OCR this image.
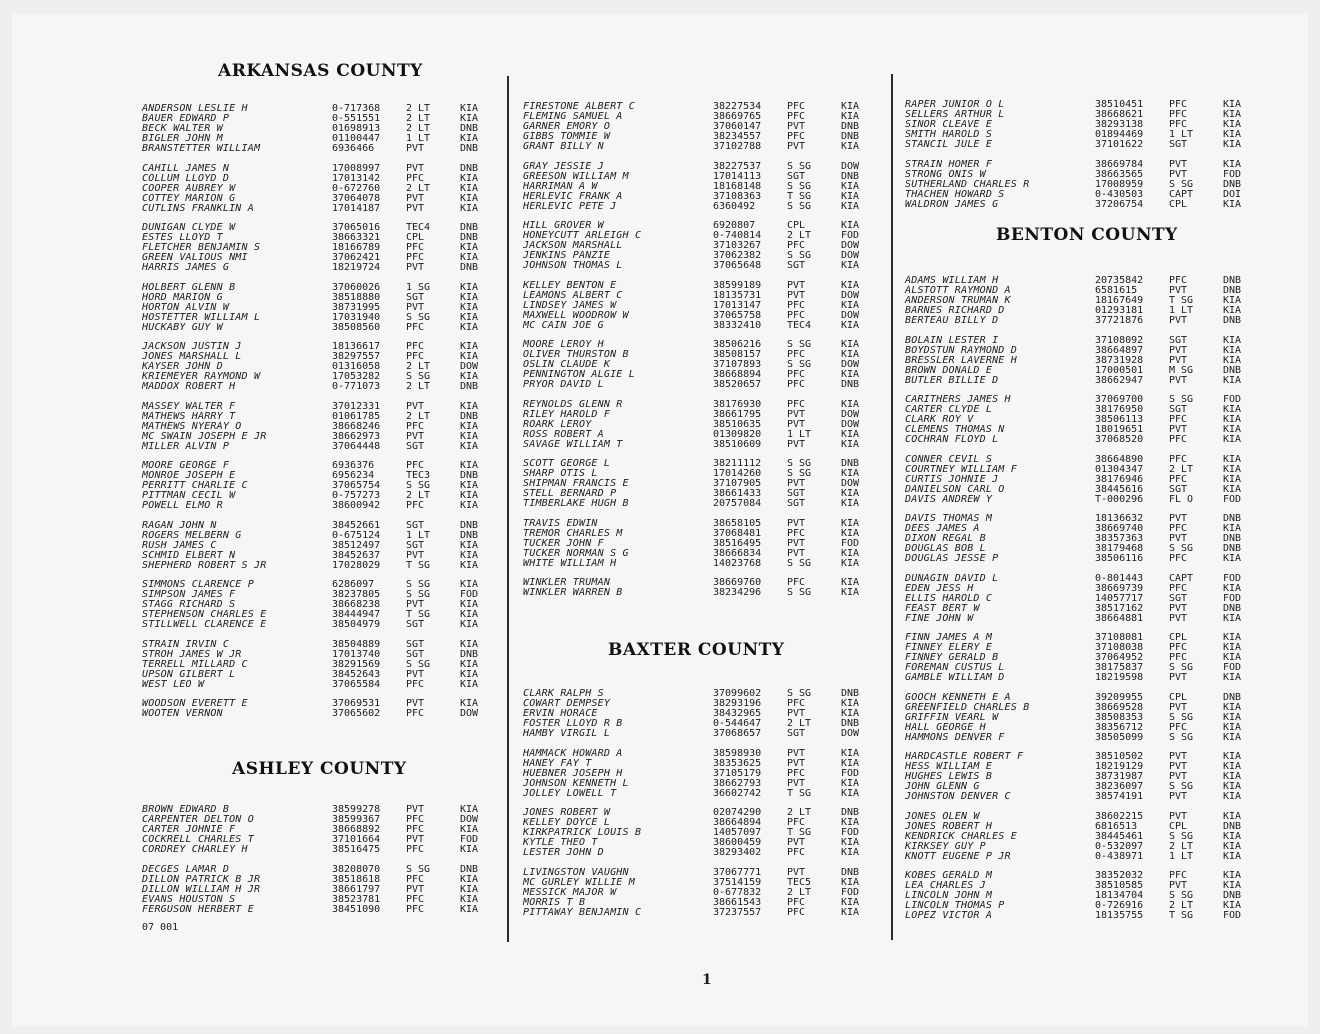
ARKANSAS COUNTY
ANDERSON LESLIE H	0-717368	2 LT	KIA
BAUER EDWARD P	0-551551	2 LT	KIA
BECK WALTER W	01698913	2 LT	DNB
BIGLER JOHN M	01100447	1 LT	KIA
BRANSTETTER WILLIAM	6936466	PVT	DNB
CAHILL JAMES N	17008997	PVT	DNB
COLLUM LLOYD D	17013142	PFC	KIA
COOPER AUBREY W	0-672760	2 LT	KIA
COTTEY MARION G	37064078	PVT	KIA
CUTLINS FRANKLIN A	17014187	PVT	KIA
DUNIGAN CLYDE W	37065016	TEC4	DNB
ESTES LLOYD T	38663321	CPL	DNB
FLETCHER BENJAMIN S	18166789	PFC	KIA
GREEN VALIOUS NMI	37062421	PFC	KIA
HARRIS JAMES G	18219724	PVT	DNB
HOLBERT GLENN B	37060026	1 SG	KIA
HORD MARION G	38518880	SGT	KIA
HORTON ALVIN W	38731995	PVT	KIA
HOSTETTER WILLIAM L	17031940	S SG	KIA
HUCKABY GUY W	38508560	PFC	KIA
JACKSON JUSTIN J	18136617	PFC	KIA
JONES MARSHALL L	38297557	PFC	KIA
KAYSER JOHN D	01316058	2 LT	DOW
KRIEMEYER RAYMOND W	17053282	S SG	KIA
MADDOX ROBERT H	0-771073	2 LT	DNB
MASSEY WALTER F	37012331	PVT	KIA
MATHEWS HARRY T	01061785	2 LT	DNB
MATHEWS NYERAY O	38668246	PFC	KIA
MC SWAIN JOSEPH E JR	38662973	PVT	KIA
MILLER ALVIN P	37064448	SGT	KIA
MOORE GEORGE F	6936376	PFC	KIA
MONROE JOSEPH E	6956234	TEC3	DNB
PERRITT CHARLIE C	37065754	S SG	KIA
PITTMAN CECIL W	0-757273	2 LT	KIA
POWELL ELMO R	38600942	PFC	KIA
RAGAN JOHN N	38452661	SGT	DNB
ROGERS MELBERN G	0-675124	1 LT	DNB
RUSH JAMES C	38512497	SGT	KIA
SCHMID ELBERT N	38452637	PVT	KIA
SHEPHERD ROBERT S JR	17028029	T SG	KIA
SIMMONS CLARENCE P	6286097	S SG	KIA
SIMPSON JAMES F	38237805	S SG	FOD
STAGG RICHARD S	38668238	PVT	KIA
STEPHENSON CHARLES E	38444947	T SG	KIA
STILLWELL CLARENCE E	38504979	SGT	KIA
STRAIN IRVIN C	38504889	SGT	KIA
STROH JAMES W JR	17013740	SGT	DNB
TERRELL MILLARD C	38291569	S SG	KIA
UPSON GILBERT L	38452643	PVT	KIA
WEST LEO W	37065584	PFC	KIA
WOODSON EVERETT E	37069531	PVT	KIA
WOOTEN VERNON	37065602	PFC	DOW
ASHLEY COUNTY
BROWN EDWARD B	38599278	PVT	KIA
CARPENTER DELTON O	38599367	PFC	DOW
CARTER JOHNIE F	38668892	PFC	KIA
COCKRELL CHARLES T	37101664	PVT	FOD
CORDREY CHARLEY H	38516475	PFC	KIA
DECGES LAMAR D	38208070	S SG	DNB
DILLON PATRICK B JR	38518618	PFC	KIA
DILLON WILLIAM H JR	38661797	PVT	KIA
EVANS HOUSTON S	38523781	PFC	KIA
FERGUSON HERBERT E	38451090	PFC	KIA
FIRESTONE ALBERT C	38227534	PFC	KIA
FLEMING SAMUEL A	38669765	PFC	KIA
GARNER EMORY O	37060147	PVT	DNB
GIBBS TOMMIE W	38234557	PFC	DNB
GRANT BILLY N	37102788	PVT	KIA
GRAY JESSIE J	38227537	S SG	DOW
GREESON WILLIAM M	17014113	SGT	DNB
HARRIMAN A W	18168148	S SG	KIA
HERLEVIC FRANK A	37108363	T SG	KIA
HERLEVIC PETE J	6360492	S SG	KIA
HILL GROVER W	6920807	CPL	KIA
HONEYCUTT ARLEIGH C	0-740814	2 LT	FOD
JACKSON MARSHALL	37103267	PFC	DOW
JENKINS PANZIE	37062382	S SG	DOW
JOHNSON THOMAS L	37065648	SGT	KIA
KELLEY BENTON E	38599189	PVT	KIA
LEAMONS ALBERT C	18135731	PVT	DOW
LINDSEY JAMES W	17013147	PFC	KIA
MAXWELL WOODROW W	37065758	PFC	DOW
MC CAIN JOE G	38332410	TEC4	KIA
MOORE LEROY H	38506216	S SG	KIA
OLIVER THURSTON B	38508157	PFC	KIA
OSLIN CLAUDE K	37107893	S SG	DOW
PENNINGTON ALGIE L	38668894	PFC	KIA
PRYOR DAVID L	38520657	PFC	DNB
REYNOLDS GLENN R	38176930	PFC	KIA
RILEY HAROLD F	38661795	PVT	DOW
ROARK LEROY	38510635	PVT	DOW
ROSS ROBERT A	01309820	1 LT	KIA
SAVAGE WILLIAM T	38510609	PVT	KIA
SCOTT GEORGE L	38211112	S SG	DNB
SHARP OTIS L	17014260	S SG	KIA
SHIPMAN FRANCIS E	37107905	PVT	DOW
STELL BERNARD P	38661433	SGT	KIA
TIMBERLAKE HUGH B	20757084	SGT	KIA
TRAVIS EDWIN	38658105	PVT	KIA
TREMOR CHARLES M	37068481	PFC	KIA
TUCKER JOHN F	38516495	PVT	FOD
TUCKER NORMAN S G	38666834	PVT	KIA
WHITE WILLIAM H	14023768	S SG	KIA
WINKLER TRUMAN	38669760	PFC	KIA
WINKLER WARREN B	38234296	S SG	KIA
BAXTER COUNTY
CLARK RALPH S	37099602	S SG	DNB
COWART DEMPSEY	38293196	PFC	KIA
ERVIN HORACE	38432965	PVT	KIA
FOSTER LLOYD R B	0-544647	2 LT	DNB
HAMBY VIRGIL L	37068657	SGT	DOW
HAMMACK HOWARD A	38598930	PVT	KIA
HANEY FAY T	38353625	PVT	KIA
HUEBNER JOSEPH H	37105179	PFC	FOD
JOHNSON KENNETH L	38662793	PVT	KIA
JOLLEY LOWELL T	36602742	T SG	KIA
JONES ROBERT W	02074290	2 LT	DNB
KELLEY DOYCE L	38664894	PFC	KIA
KIRKPATRICK LOUIS B	14057097	T SG	FOD
KYTLE THEO T	38600459	PVT	KIA
LESTER JOHN D	38293402	PFC	KIA
LIVINGSTON VAUGHN	37067771	PVT	DNB
MC GURLEY WILLIE M	37514159	TEC5	KIA
MESSICK MAJOR W	0-677832	2 LT	FOD
MORRIS T B	38661543	PFC	KIA
PITTAWAY BENJAMIN C	37237557	PFC	KIA
RAPER JUNIOR O L	38510451	PFC	KIA
SELLERS ARTHUR L	38668621	PFC	KIA
SINOR CLEAVE E	38293138	PFC	KIA
SMITH HAROLD S	01894469	1 LT	KIA
STANCIL JULE E	37101622	SGT	KIA
STRAIN HOMER F	38669784	PVT	KIA
STRONG ONIS W	38663565	PVT	FOD
SUTHERLAND CHARLES R	17008959	S SG	DNB
THACHEN HOWARD S	0-430503	CAPT	DOI
WALDRON JAMES G	37206754	CPL	KIA
BENTON COUNTY
ADAMS WILLIAM H	20735842	PFC	DNB
ALSTOTT RAYMOND A	6581615	PVT	DNB
ANDERSON TRUMAN K	18167649	T SG	KIA
BARNES RICHARD D	01293181	1 LT	KIA
BERTEAU BILLY D	37721876	PVT	DNB
BOLAIN LESTER I	37108092	SGT	KIA
BOYDSTUN RAYMOND D	38664897	PVT	KIA
BRESSLER LAVERNE H	38731928	PVT	KIA
BROWN DONALD E	17000501	M SG	DNB
BUTLER BILLIE D	38662947	PVT	KIA
CARITHERS JAMES H	37069700	S SG	FOD
CARTER CLYDE L	38176950	SGT	KIA
CLARK ROY V	38506113	PFC	KIA
CLEMENS THOMAS N	18019651	PVT	KIA
COCHRAN FLOYD L	37068520	PFC	KIA
CONNER CEVIL S	38664890	PFC	KIA
COURTNEY WILLIAM F	01304347	2 LT	KIA
CURTIS JOHNIE J	38176946	PFC	KIA
DANIELSON CARL O	38445616	SGT	KIA
DAVIS ANDREW Y	T-000296	FL O	FOD
DAVIS THOMAS M	18136632	PVT	DNB
DEES JAMES A	38669740	PFC	KIA
DIXON REGAL B	38357363	PVT	DNB
DOUGLAS BOB L	38179468	S SG	DNB
DOUGLAS JESSE P	38506116	PFC	KIA
DUNAGIN DAVID L	0-801443	CAPT	FOD
EDEN JESS H	38669739	PFC	KIA
ELLIS HAROLD C	14057717	SGT	FOD
FEAST BERT W	38517162	PVT	DNB
FINE JOHN W	38664881	PVT	KIA
FINN JAMES A M	37108081	CPL	KIA
FINNEY ELERY E	37108038	PFC	KIA
FINNEY GERALD B	37064952	PFC	KIA
FOREMAN CUSTUS L	38175837	S SG	FOD
GAMBLE WILLIAM D	18219598	PVT	KIA
GOOCH KENNETH E A	39209955	CPL	DNB
GREENFIELD CHARLES B	38669528	PVT	KIA
GRIFFIN VEARL W	38508353	S SG	KIA
HALL GEORGE H	38356712	PFC	KIA
HAMMONS DENVER F	38505099	S SG	KIA
HARDCASTLE ROBERT F	38510502	PVT	KIA
HESS WILLIAM E	18219129	PVT	KIA
HUGHES LEWIS B	38731987	PVT	KIA
JOHN GLENN G	38236097	S SG	KIA
JOHNSTON DENVER C	38574191	PVT	KIA
JONES OLEN W	38602215	PVT	KIA
JONES ROBERT H	6816513	CPL	DNB
KENDRICK CHARLES E	38445461	S SG	KIA
KIRKSEY GUY P	0-532097	2 LT	KIA
KNOTT EUGENE P JR	0-438971	1 LT	KIA
KOBES GERALD M	38352032	PFC	KIA
LEA CHARLES J	38510585	PVT	KIA
LINCOLN JOHN M	18134704	S SG	DNB
LINCOLN THOMAS P	0-726916	2 LT	KIA
LOPEZ VICTOR A	18135755	T SG	FOD
07 001
1
